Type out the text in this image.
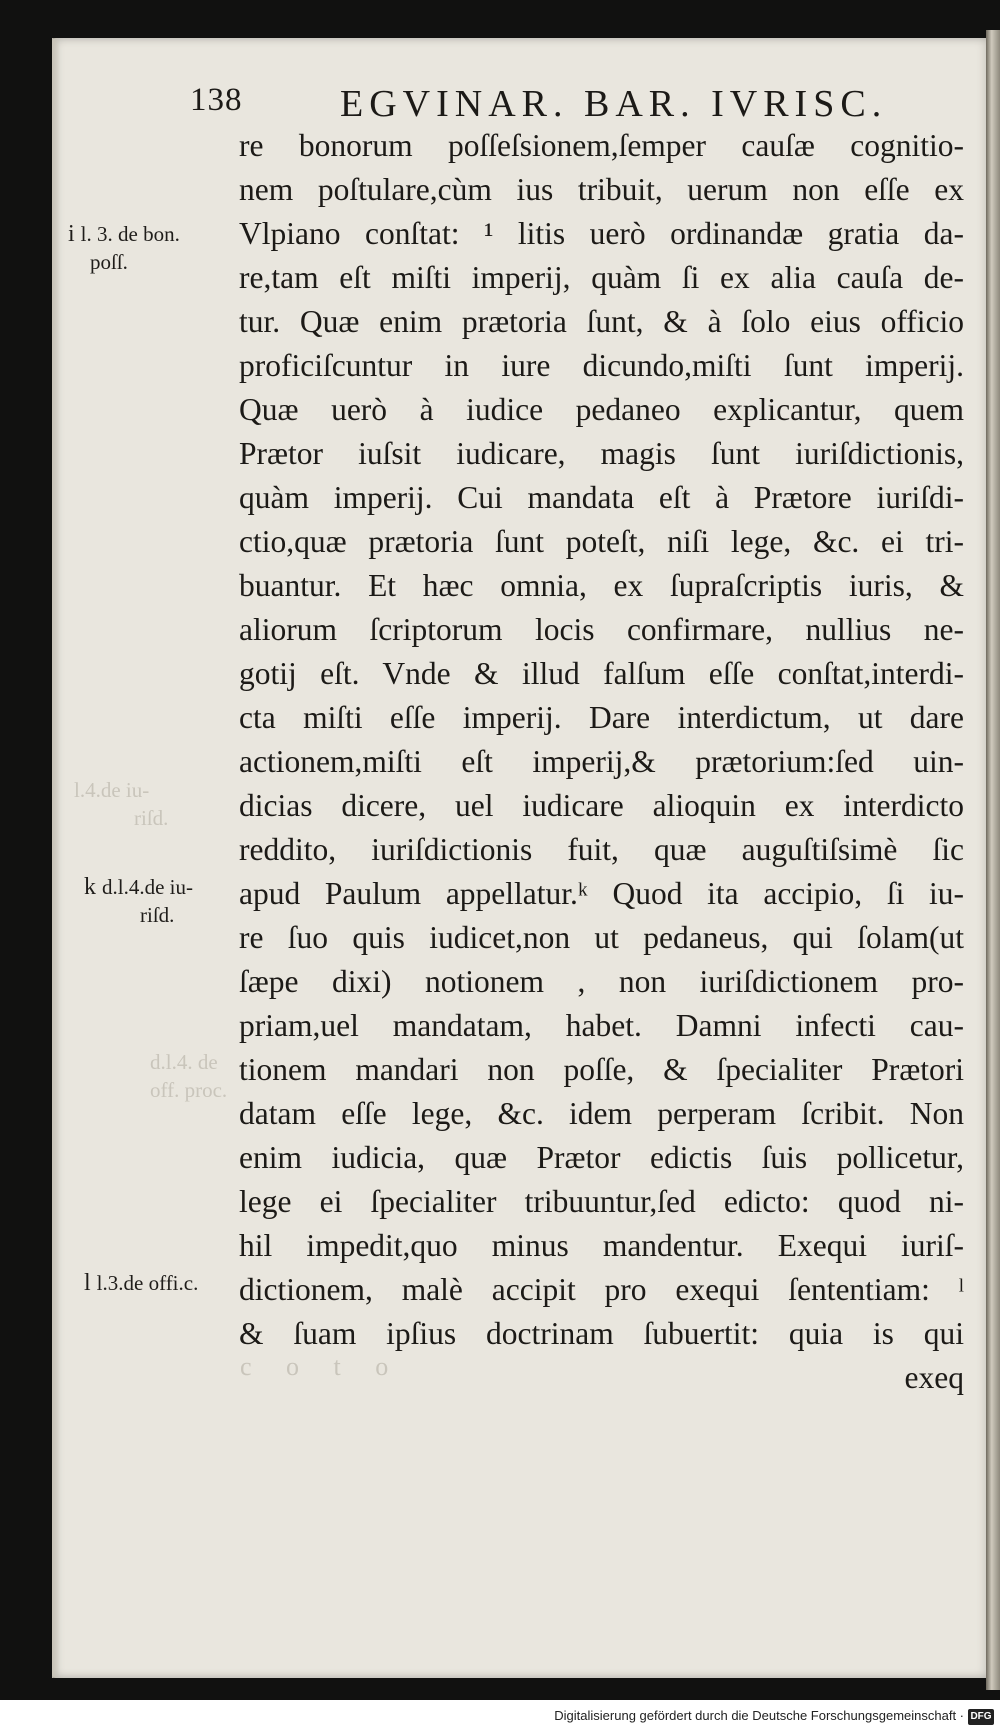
138	EGVINAR. BAR. IVRISC.
re bonorum poſſeſsionem,ſemper cauſæ cognitio-
nem poſtulare,cùm ius tribuit, uerum non eſſe ex
Vlpiano conſtat: ¹ litis uerò ordinandæ gratia da-
re,tam eſt miſti imperij, quàm ſi ex alia cauſa de-
tur. Quæ enim prætoria ſunt, & à ſolo eius officio
proficiſcuntur in iure dicundo,miſti ſunt imperij.
Quæ uerò à iudice pedaneo explicantur, quem
Prætor iuſsit iudicare, magis ſunt iuriſdictionis,
quàm imperij. Cui mandata eſt à Prætore iuriſdi-
ctio,quæ prætoria ſunt poteſt, niſi lege, &c. ei tri-
buantur. Et hæc omnia, ex ſupraſcriptis iuris, &
aliorum ſcriptorum locis confirmare, nullius ne-
gotij eſt. Vnde & illud falſum eſſe conſtat,interdi-
cta miſti eſſe imperij. Dare interdictum, ut dare
actionem,miſti eſt imperij,& prætorium:ſed uin-
dicias dicere, uel iudicare alioquin ex interdicto
reddito, iuriſdictionis fuit, quæ auguſtiſsimè ſic
apud Paulum appellatur.ᵏ Quod ita accipio, ſi iu-
re ſuo quis iudicet,non ut pedaneus, qui ſolam(ut
ſæpe dixi) notionem , non iuriſdictionem pro-
priam,uel mandatam, habet. Damni infecti cau-
tionem mandari non poſſe, & ſpecialiter Prætori
datam eſſe lege, &c. idem perperam ſcribit. Non
enim iudicia, quæ Prætor edictis ſuis pollicetur,
lege ei ſpecialiter tribuuntur,ſed edicto: quod ni-
hil impedit,quo minus mandentur. Exequi iuriſ-
dictionem, malè accipit pro exequi ſententiam: ˡ
& ſuam ipſius doctrinam ſubuertit: quia is qui
exeq
i l. 3. de bon.
poſſ.
k d.l.4.de iu-
riſd.
l l.3.de offi.c.
l.4.de iu-
riſd.
d.l.4. de
off. proc.
c o t o
Digitalisierung gefördert durch die Deutsche Forschungsgemeinschaft · DFG
